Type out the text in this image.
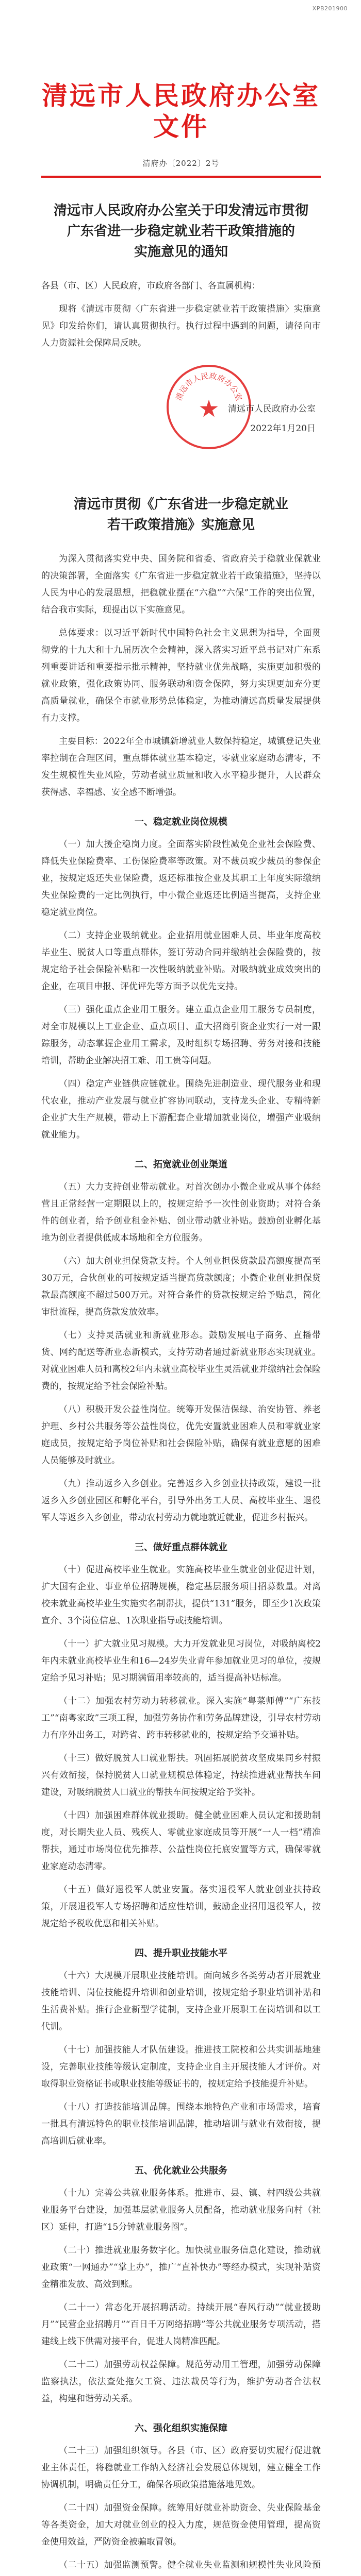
XPB201900
清远市人民政府办公室文件
清府办〔2022〕2号
清远市人民政府办公室关于印发清远市贯彻
广东省进一步稳定就业若干政策措施的
实施意见的通知

各县（市、区）人民政府，市政府各部门、各直属机构：

现将《清远市贯彻〈广东省进一步稳定就业若干政策措施〉实施意见》印发给你们，请认真贯彻执行。执行过程中遇到的问题，请径向市人力资源社会保障局反映。

清远市人民政府办公室
★ 清远市人民政府办公室
2022年1月20日
清远市贯彻《广东省进一步稳定就业
若干政策措施》实施意见

为深入贯彻落实党中央、国务院和省委、省政府关于稳就业保就业的决策部署，全面落实《广东省进一步稳定就业若干政策措施》，坚持以人民为中心的发展思想，把稳就业摆在“六稳”“六保”工作的突出位置，结合我市实际，现提出以下实施意见。

总体要求：以习近平新时代中国特色社会主义思想为指导，全面贯彻党的十九大和十九届历次全会精神，深入落实习近平总书记对广东系列重要讲话和重要指示批示精神，坚持就业优先战略，实施更加积极的就业政策，强化政策协同、服务联动和资金保障，努力实现更加充分更高质量就业，确保全市就业形势总体稳定，为推动清远高质量发展提供有力支撑。

主要目标：2022年全市城镇新增就业人数保持稳定，城镇登记失业率控制在合理区间，重点群体就业基本稳定，零就业家庭动态清零，不发生规模性失业风险，劳动者就业质量和收入水平稳步提升，人民群众获得感、幸福感、安全感不断增强。

一、稳定就业岗位规模

（一）加大援企稳岗力度。全面落实阶段性减免企业社会保险费、降低失业保险费率、工伤保险费率等政策。对不裁员或少裁员的参保企业，按规定返还失业保险费，返还标准按企业及其职工上年度实际缴纳失业保险费的一定比例执行，中小微企业返还比例适当提高，支持企业稳定就业岗位。

（二）支持企业吸纳就业。企业招用就业困难人员、毕业年度高校毕业生、脱贫人口等重点群体，签订劳动合同并缴纳社会保险费的，按规定给予社会保险补贴和一次性吸纳就业补贴。对吸纳就业成效突出的企业，在项目申报、评优评先等方面予以优先支持。

（三）强化重点企业用工服务。建立重点企业用工服务专员制度，对全市规模以上工业企业、重点项目、重大招商引资企业实行一对一跟踪服务，动态掌握企业用工需求，及时组织专场招聘、劳务对接和技能培训，帮助企业解决招工难、用工贵等问题。

（四）稳定产业链供应链就业。围绕先进制造业、现代服务业和现代农业，推动产业发展与就业扩容协同联动，支持龙头企业、专精特新企业扩大生产规模，带动上下游配套企业增加就业岗位，增强产业吸纳就业能力。

二、拓宽就业创业渠道

（五）大力支持创业带动就业。对首次创办小微企业或从事个体经营且正常经营一定期限以上的，按规定给予一次性创业资助；对符合条件的创业者，给予创业租金补贴、创业带动就业补贴。鼓励创业孵化基地为创业者提供低成本场地和全方位服务。

（六）加大创业担保贷款支持。个人创业担保贷款最高额度提高至30万元，合伙创业的可按规定适当提高贷款额度；小微企业创业担保贷款最高额度不超过500万元。对符合条件的贷款按规定给予贴息，简化审批流程，提高贷款发放效率。

（七）支持灵活就业和新就业形态。鼓励发展电子商务、直播带货、网约配送等新业态新模式，支持劳动者通过新就业形态实现就业。对就业困难人员和离校2年内未就业高校毕业生灵活就业并缴纳社会保险费的，按规定给予社会保险补贴。

（八）积极开发公益性岗位。统筹开发保洁保绿、治安协管、养老护理、乡村公共服务等公益性岗位，优先安置就业困难人员和零就业家庭成员，按规定给予岗位补贴和社会保险补贴，确保有就业意愿的困难人员能够及时就业。

（九）推动返乡入乡创业。完善返乡入乡创业扶持政策，建设一批返乡入乡创业园区和孵化平台，引导外出务工人员、高校毕业生、退役军人等返乡入乡创业，带动农村劳动力就地就近就业，促进乡村振兴。

三、做好重点群体就业

（十）促进高校毕业生就业。实施高校毕业生就业创业促进计划，扩大国有企业、事业单位招聘规模，稳定基层服务项目招募数量。对离校未就业高校毕业生实施实名制帮扶，提供“131”服务，即至少1次政策宣介、3个岗位信息、1次职业指导或技能培训。

（十一）扩大就业见习规模。大力开发就业见习岗位，对吸纳离校2年内未就业高校毕业生和16—24岁失业青年参加就业见习的单位，按规定给予见习补贴；见习期满留用率较高的，适当提高补贴标准。

（十二）加强农村劳动力转移就业。深入实施“粤菜师傅”“广东技工”“南粤家政”三项工程，加强劳务协作和劳务品牌建设，引导农村劳动力有序外出务工，对跨省、跨市转移就业的，按规定给予交通补贴。

（十三）做好脱贫人口就业帮扶。巩固拓展脱贫攻坚成果同乡村振兴有效衔接，保持脱贫人口就业规模总体稳定，持续推进就业帮扶车间建设，对吸纳脱贫人口就业的帮扶车间按规定给予奖补。

（十四）加强困难群体就业援助。健全就业困难人员认定和援助制度，对长期失业人员、残疾人、零就业家庭成员等开展“一人一档”精准帮扶，通过市场岗位优先推荐、公益性岗位托底安置等方式，确保零就业家庭动态清零。

（十五）做好退役军人就业安置。落实退役军人就业创业扶持政策，开展退役军人专场招聘和适应性培训，鼓励企业招用退役军人，按规定给予税收优惠和相关补贴。

四、提升职业技能水平

（十六）大规模开展职业技能培训。面向城乡各类劳动者开展就业技能培训、岗位技能提升培训和创业培训，按规定给予职业培训补贴和生活费补贴。推行企业新型学徒制，支持企业开展职工在岗培训和以工代训。

（十七）加强技能人才队伍建设。推进技工院校和公共实训基地建设，完善职业技能等级认定制度，支持企业自主开展技能人才评价。对取得职业资格证书或职业技能等级证书的，按规定给予技能提升补贴。

（十八）打造技能培训品牌。围绕本地特色产业和市场需求，培育一批具有清远特色的职业技能培训品牌，推动培训与就业有效衔接，提高培训后就业率。

五、优化就业公共服务

（十九）完善公共就业服务体系。推进市、县、镇、村四级公共就业服务平台建设，加强基层就业服务人员配备，推动就业服务向村（社区）延伸，打造“15分钟就业服务圈”。

（二十）推进就业服务数字化。加快就业服务信息化建设，推动就业政策“一网通办”“掌上办”，推广“直补快办”等经办模式，实现补贴资金精准发放、高效到账。

（二十一）常态化开展招聘活动。持续开展“春风行动”“就业援助月”“民营企业招聘月”“百日千万网络招聘”等公共就业服务专项活动，搭建线上线下供需对接平台，促进人岗精准匹配。

（二十二）加强劳动权益保障。规范劳动用工管理，加强劳动保障监察执法，依法查处拖欠工资、违法裁员等行为，维护劳动者合法权益，构建和谐劳动关系。

六、强化组织实施保障

（二十三）加强组织领导。各县（市、区）政府要切实履行促进就业主体责任，将稳就业工作纳入经济社会发展总体规划，建立健全工作协调机制，明确责任分工，确保各项政策措施落地见效。

（二十四）加强资金保障。统筹用好就业补助资金、失业保险基金等各类资金，加大对就业创业的投入力度，规范资金使用管理，提高资金使用效益，严防资金被骗取冒领。

（二十五）加强监测预警。健全就业失业监测和规模性失业风险预
